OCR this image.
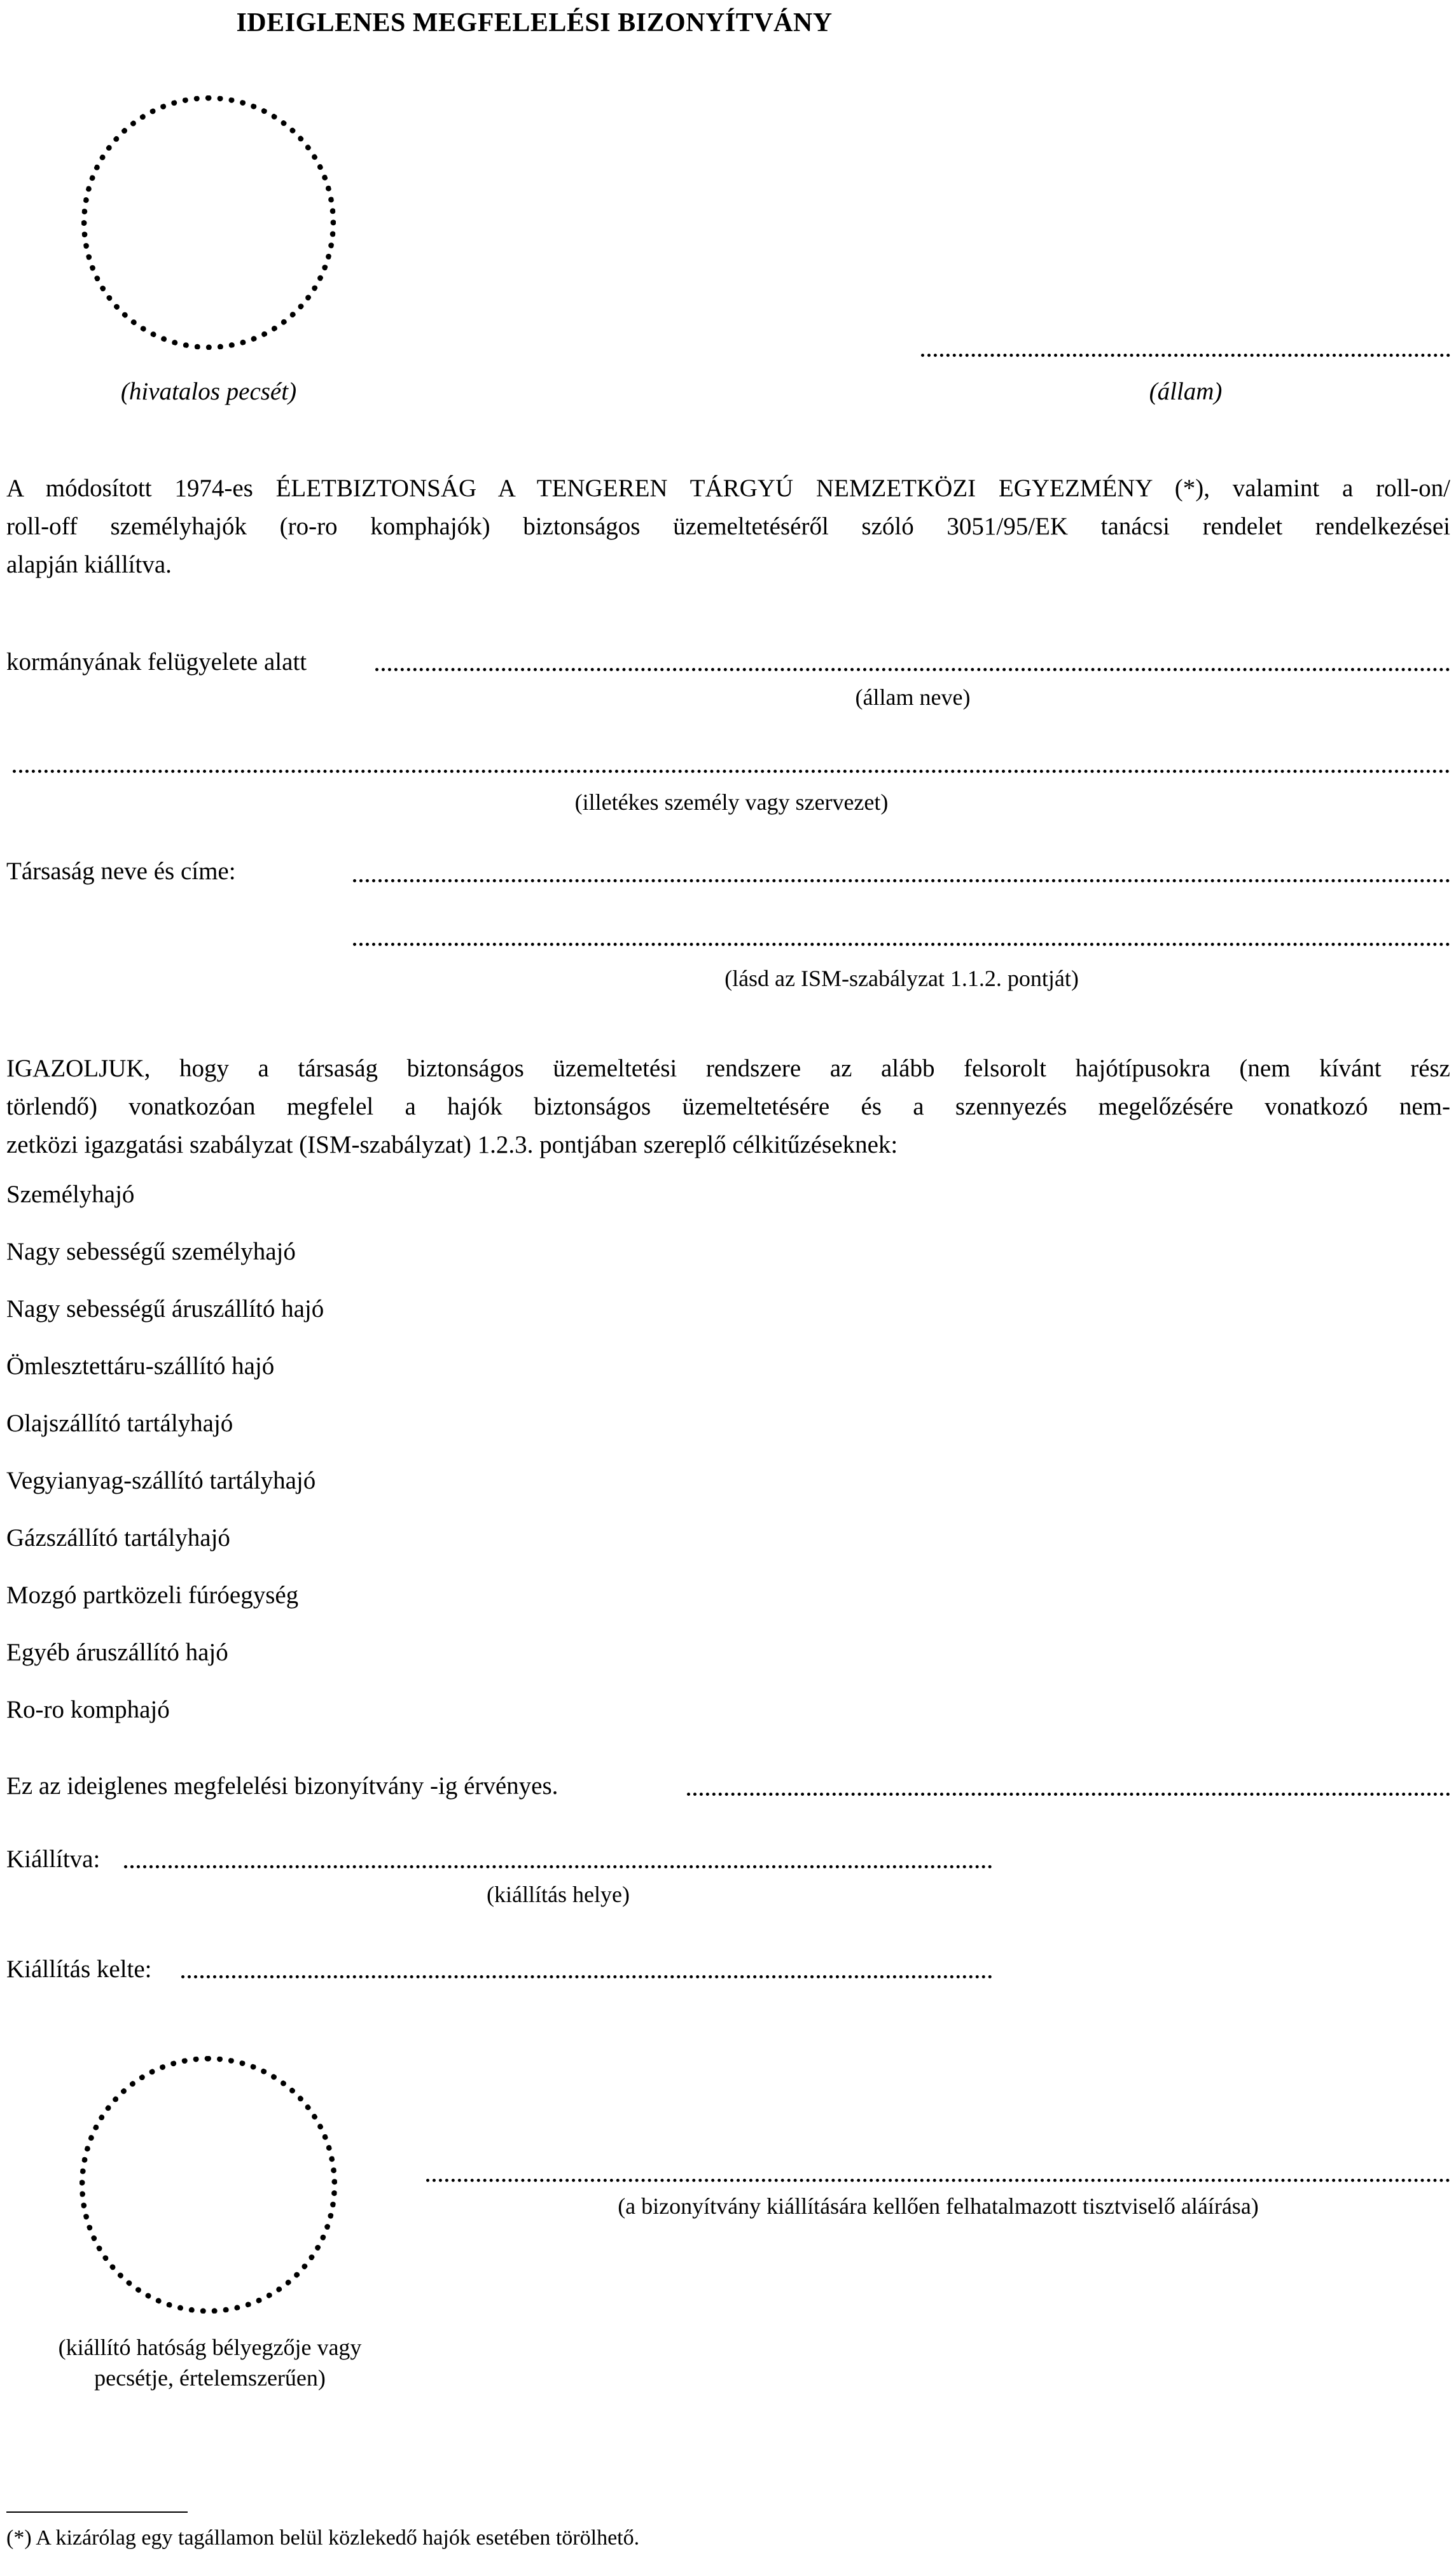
IDEIGLENES MEGFELELÉSI BIZONYÍTVÁNY
(hivatalos pecsét)	(állam)
A módosított 1974-es ÉLETBIZTONSÁG A TENGEREN TÁRGYÚ NEMZETKÖZI EGYEZMÉNY (*), valamint a roll-on/
roll-off személyhajók (ro-ro komphajók) biztonságos üzemeltetéséről szóló 3051/95/EK tanácsi rendelet rendelkezései
alapján kiállítva.
kormányának felügyelete alatt
(állam neve)
(illetékes személy vagy szervezet)
Társaság neve és címe:
(lásd az ISM-szabályzat 1.1.2. pontját)
IGAZOLJUK, hogy a társaság biztonságos üzemeltetési rendszere az alább felsorolt hajótípusokra (nem kívánt rész
törlendő) vonatkozóan megfelel a hajók biztonságos üzemeltetésére és a szennyezés megelőzésére vonatkozó nem-
zetközi igazgatási szabályzat (ISM-szabályzat) 1.2.3. pontjában szereplő célkitűzéseknek:
Személyhajó
Nagy sebességű személyhajó
Nagy sebességű áruszállító hajó
Ömlesztettáru-szállító hajó
Olajszállító tartályhajó
Vegyianyag-szállító tartályhajó
Gázszállító tartályhajó
Mozgó partközeli fúróegység
Egyéb áruszállító hajó
Ro-ro komphajó
Ez az ideiglenes megfelelési bizonyítvány -ig érvényes.
Kiállítva:
(kiállítás helye)
Kiállítás kelte:
(kiállító hatóság bélyegzője vagy
pecsétje, értelemszerűen)
(a bizonyítvány kiállítására kellően felhatalmazott tisztviselő aláírása)
(*) A kizárólag egy tagállamon belül közlekedő hajók esetében törölhető.
